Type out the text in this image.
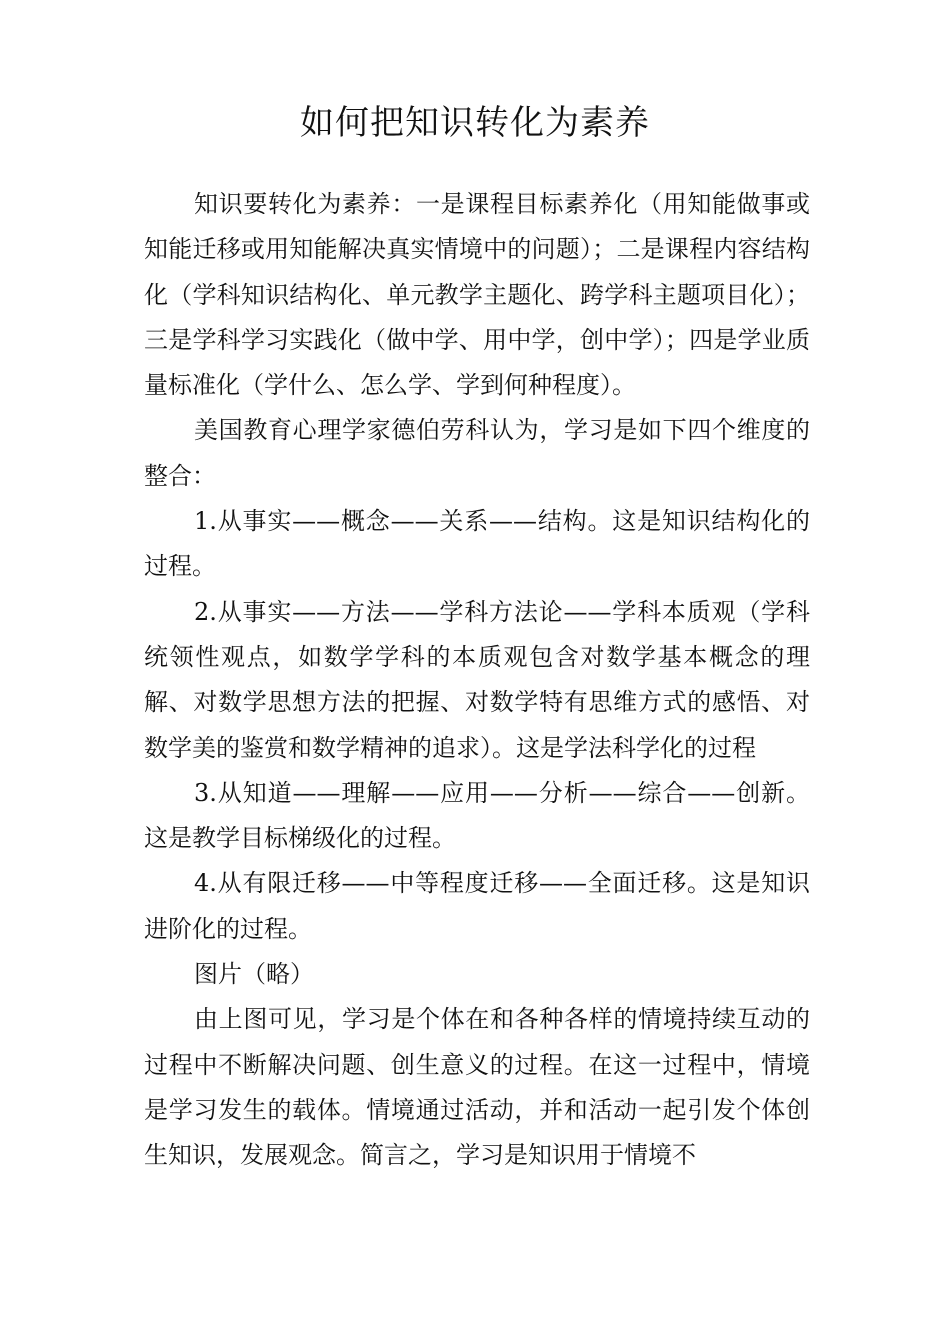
如何把知识转化为素养

知识要转化为素养：一是课程目标素养化（用知能做事或知能迁移或用知能解决真实情境中的问题）；二是课程内容结构化（学科知识结构化、单元教学主题化、跨学科主题项目化）；三是学科学习实践化（做中学、用中学，创中学）；四是学业质量标准化（学什么、怎么学、学到何种程度）。

美国教育心理学家德伯劳科认为，学习是如下四个维度的整合：

1.从事实——概念——关系——结构。这是知识结构化的过程。

2.从事实——方法——学科方法论——学科本质观（学科统领性观点，如数学学科的本质观包含对数学基本概念的理解、对数学思想方法的把握、对数学特有思维方式的感悟、对数学美的鉴赏和数学精神的追求）。这是学法科学化的过程

3.从知道——理解——应用——分析——综合——创新。这是教学目标梯级化的过程。

4.从有限迁移——中等程度迁移——全面迁移。这是知识进阶化的过程。

图片（略）

由上图可见，学习是个体在和各种各样的情境持续互动的过程中不断解决问题、创生意义的过程。在这一过程中，情境是学习发生的载体。情境通过活动，并和活动一起引发个体创生知识，发展观念。简言之，学习是知识用于情境不
